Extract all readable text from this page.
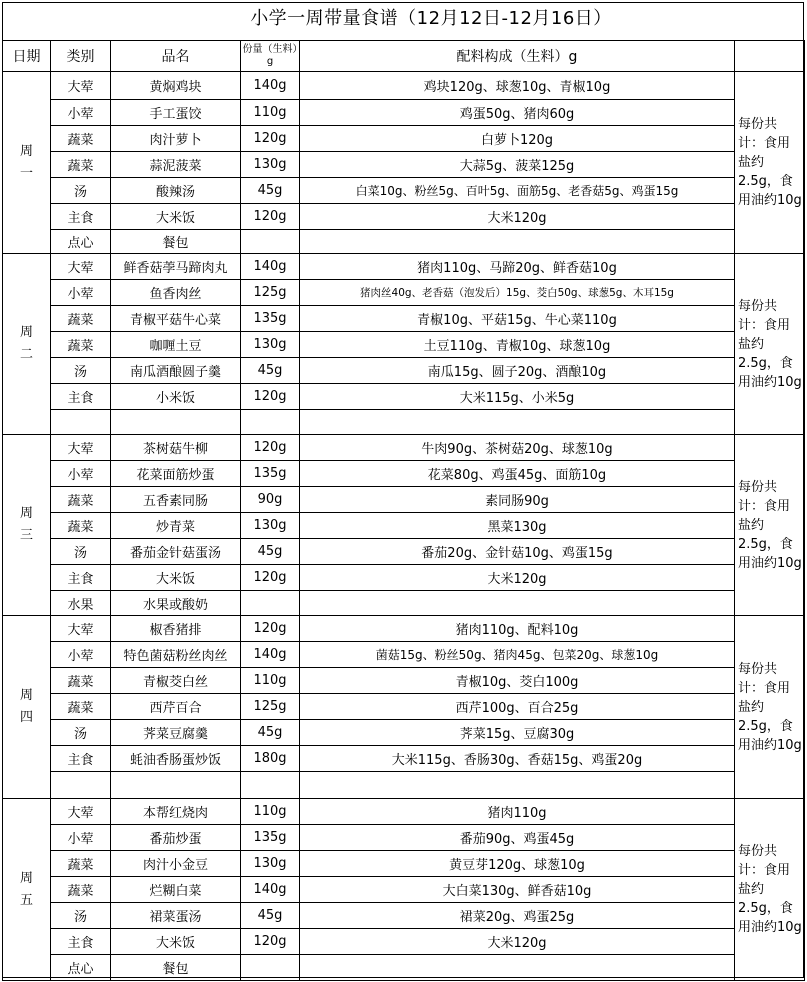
小学一周带量食谱（12月12日-12月16日）
日期	类别	品名	份量（生料）g	配料构成（生料）g	

周
一	大荤	黄焖鸡块	140g	鸡块120g、球葱10g、青椒10g	每份共计：食用盐约2.5g，食用油约10g
	小荤	手工蛋饺	110g	鸡蛋50g、猪肉60g	
	蔬菜	肉汁萝卜	120g	白萝卜120g	
	蔬菜	蒜泥菠菜	130g	大蒜5g、菠菜125g	
	汤	酸辣汤	45g	白菜10g、粉丝5g、百叶5g、面筋5g、老香菇5g、鸡蛋15g	
	主食	大米饭	120g	大米120g	
	点心	餐包			

周
二	大荤	鲜香菇荸马蹄肉丸	140g	猪肉110g、马蹄20g、鲜香菇10g	每份共计：食用盐约2.5g，食用油约10g
	小荤	鱼香肉丝	125g	猪肉丝40g、老香菇（泡发后）15g、茭白50g、球葱5g、木耳15g	
	蔬菜	青椒平菇牛心菜	135g	青椒10g、平菇15g、牛心菜110g	
	蔬菜	咖喱土豆	130g	土豆110g、青椒10g、球葱10g	
	汤	南瓜酒酿圆子羹	45g	南瓜15g、圆子20g、酒酿10g	
	主食	小米饭	120g	大米115g、小米5g	

周
三	大荤	茶树菇牛柳	120g	牛肉90g、茶树菇20g、球葱10g	每份共计：食用盐约2.5g，食用油约10g
	小荤	花菜面筋炒蛋	135g	花菜80g、鸡蛋45g、面筋10g	
	蔬菜	五香素同肠	90g	素同肠90g	
	蔬菜	炒青菜	130g	黑菜130g	
	汤	番茄金针菇蛋汤	45g	番茄20g、金针菇10g、鸡蛋15g	
	主食	大米饭	120g	大米120g	
	水果	水果或酸奶			

周
四	大荤	椒香猪排	120g	猪肉110g、配料10g	每份共计：食用盐约2.5g，食用油约10g
	小荤	特色菌菇粉丝肉丝	140g	菌菇15g、粉丝50g、猪肉45g、包菜20g、球葱10g	
	蔬菜	青椒茭白丝	110g	青椒10g、茭白100g	
	蔬菜	西芹百合	125g	西芹100g、百合25g	
	汤	荠菜豆腐羹	45g	荠菜15g、豆腐30g	
	主食	蚝油香肠蛋炒饭	180g	大米115g、香肠30g、香菇15g、鸡蛋20g	

周
五	大荤	本帮红烧肉	110g	猪肉110g	每份共计：食用盐约2.5g，食用油约10g
	小荤	番茄炒蛋	135g	番茄90g、鸡蛋45g	
	蔬菜	肉汁小金豆	130g	黄豆芽120g、球葱10g	
	蔬菜	烂糊白菜	140g	大白菜130g、鲜香菇10g	
	汤	裙菜蛋汤	45g	裙菜20g、鸡蛋25g	
	主食	大米饭	120g	大米120g	
	点心	餐包			
